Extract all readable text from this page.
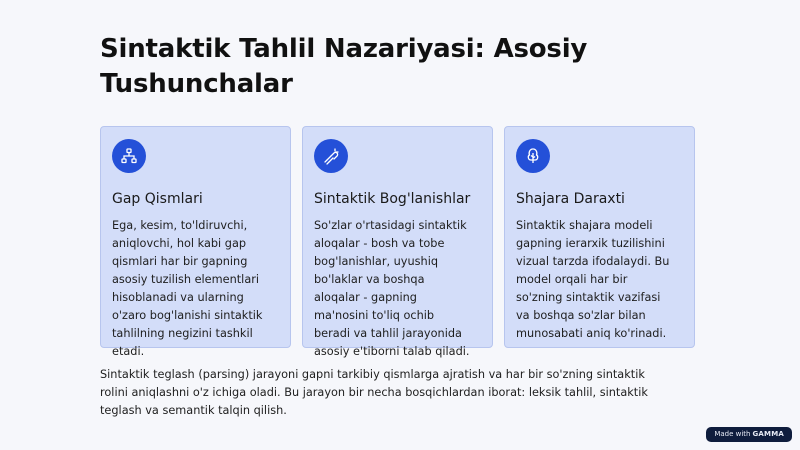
Sintaktik Tahlil Nazariyasi: Asosiy
Tushunchalar
Gap Qismlari

Ega, kesim, to'ldiruvchi,
aniqlovchi, hol kabi gap
qismlari har bir gapning
asosiy tuzilish elementlari
hisoblanadi va ularning
o'zaro bog'lanishi sintaktik
tahlilning negizini tashkil
etadi.

Sintaktik Bog'lanishlar

So'zlar o'rtasidagi sintaktik
aloqalar - bosh va tobe
bog'lanishlar, uyushiq
bo'laklar va boshqa
aloqalar - gapning
ma'nosini to'liq ochib
beradi va tahlil jarayonida
asosiy e'tiborni talab qiladi.

Shajara Daraxti

Sintaktik shajara modeli
gapning ierarxik tuzilishini
vizual tarzda ifodalaydi. Bu
model orqali har bir
so'zning sintaktik vazifasi
va boshqa so'zlar bilan
munosabati aniq ko'rinadi.

Sintaktik teglash (parsing) jarayoni gapni tarkibiy qismlarga ajratish va har bir so'zning sintaktik
rolini aniqlashni o'z ichiga oladi. Bu jarayon bir necha bosqichlardan iborat: leksik tahlil, sintaktik
teglash va semantik talqin qilish.

Made with GAMMA
